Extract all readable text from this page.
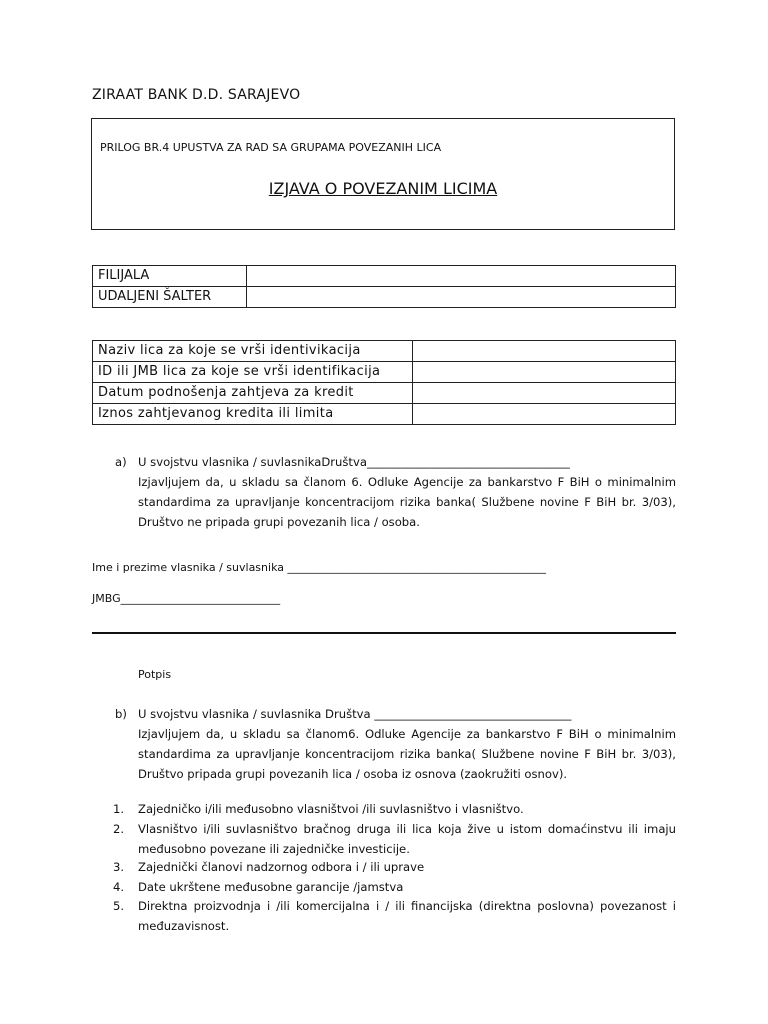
ZIRAAT BANK D.D. SARAJEVO
PRILOG BR.4 UPUSTVA ZA RAD SA GRUPAMA POVEZANIH LICA
IZJAVA O POVEZANIM LICIMA
FILIJALA	
UDALJENI ŠALTER	
Naziv lica za koje se vrši identivikacija	
ID ili JMB lica za koje se vrši identifikacija	
Datum podnošenja zahtjeva za kredit	
Iznos zahtjevanog kredita ili limita	
a) U svojstvu vlasnika / suvlasnikaDruštva___________________________________
Izjavljujem da, u skladu sa članom 6. Odluke Agencije za bankarstvo F BiH o minimalnim standardima za upravljanje koncentracijom rizika banka( Službene novine F BiH br. 3/03), Društvo ne pripada grupi povezanih lica / osoba.
Ime i prezime vlasnika / suvlasnika _______________________________________________
JMBG_____________________________
Potpis
b) U svojstvu vlasnika / suvlasnika Društva __________________________________
Izjavljujem da, u skladu sa članom6. Odluke Agencije za bankarstvo F BiH o minimalnim standardima za upravljanje koncentracijom rizika banka( Službene novine F BiH br. 3/03), Društvo pripada grupi povezanih lica / osoba iz osnova (zaokružiti osnov).
1. Zajedničko i/ili međusobno vlasništvoi /ili suvlasništvo i vlasništvo.
2. Vlasništvo i/ili suvlasništvo bračnog druga ili lica koja žive u istom domaćinstvu ili imaju međusobno povezane ili zajedničke investicije.
3. Zajednički članovi nadzornog odbora i / ili uprave
4. Date ukrštene međusobne garancije /jamstva
5. Direktna proizvodnja i /ili komercijalna i / ili financijska (direktna poslovna) povezanost i međuzavisnost.
